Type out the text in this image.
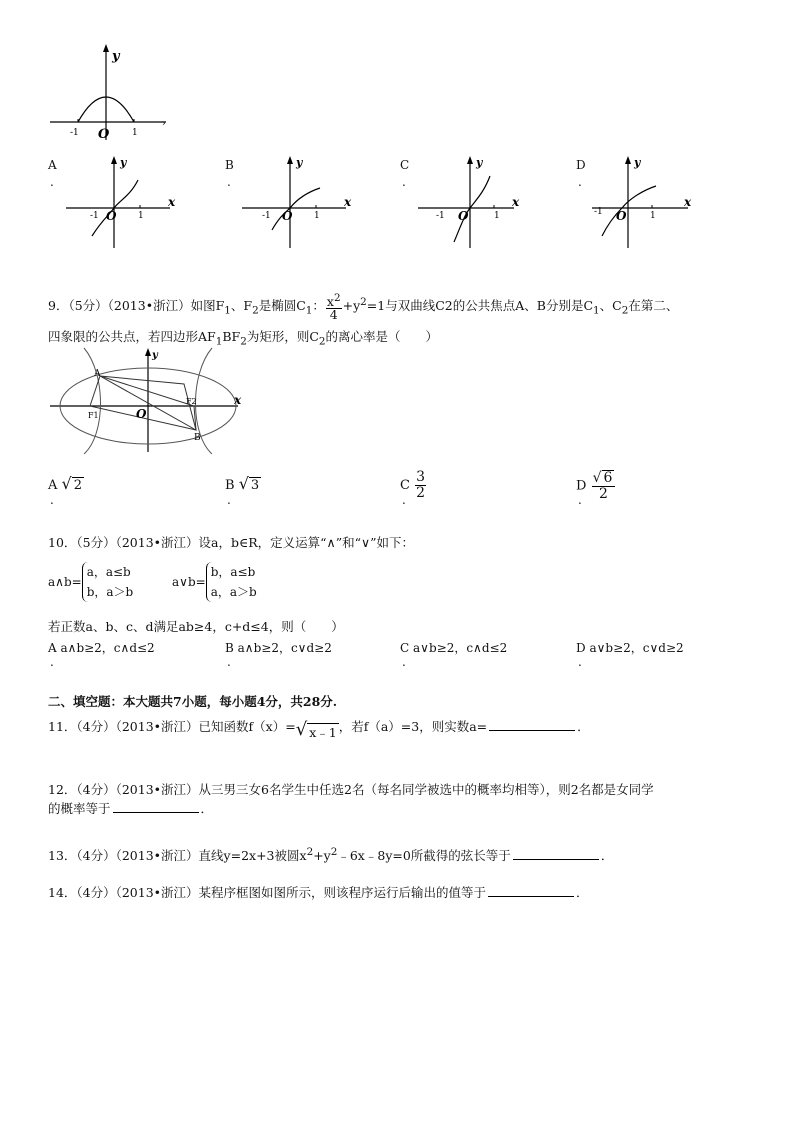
›
y
O
-1	1
A
.
y
x
-1 O 1
B
.
y
x
-1 O 1
C
.
y
x
-1 O	1
D
.
y
x
-1 O	1
9．（5分）（2013•浙江）如图$F_1$、$F_2$是椭圆$C_1$： $\frac{x^2}{4} +y^2=1$与双曲线C2的公共焦点A、B分别是$C_1$、$C_2$在第二、
四象限的公共点，若四边形$AF_1BF_2$为矩形，则$C_2$的离心率是（　　）
y
x
A
B
F1
F2
O
A √ 2
.
B √ 3
.
C $\frac{3}{2}$
.
D $\frac{√ 6}{2}$
.
10．（5分）（2013•浙江）设a，b∈R，定义运算“∧”和“∨”如下：
a∧b=
a，a≤b
b，a＞b
a∨b=
b，a≤b
a，a＞b
若正数a、b、c、d满足ab≥4，c+d≤4，则（　　）
A a∧b≥2，c∧d≤2
.
B a∧b≥2，c∨d≥2
.
C a∨b≥2，c∧d≤2
.
D a∨b≥2，c∨d≥2
.
二、填空题：本大题共7小题，每小题4分，共28分.
11．（4分）（2013•浙江）已知函数f（x）=√ x﹣1 ，若f（a）=3，则实数a=	．
12．（4分）（2013•浙江）从三男三女6名学生中任选2名（每名同学被选中的概率均相等），则2名都是女同学
的概率等于	．
13．（4分）（2013•浙江）直线y=2x+3被圆$x^2+y^2﹣6x﹣8y=0$所截得的弦长等于	．
14．（4分）（2013•浙江）某程序框图如图所示，则该程序运行后输出的值等于	．
